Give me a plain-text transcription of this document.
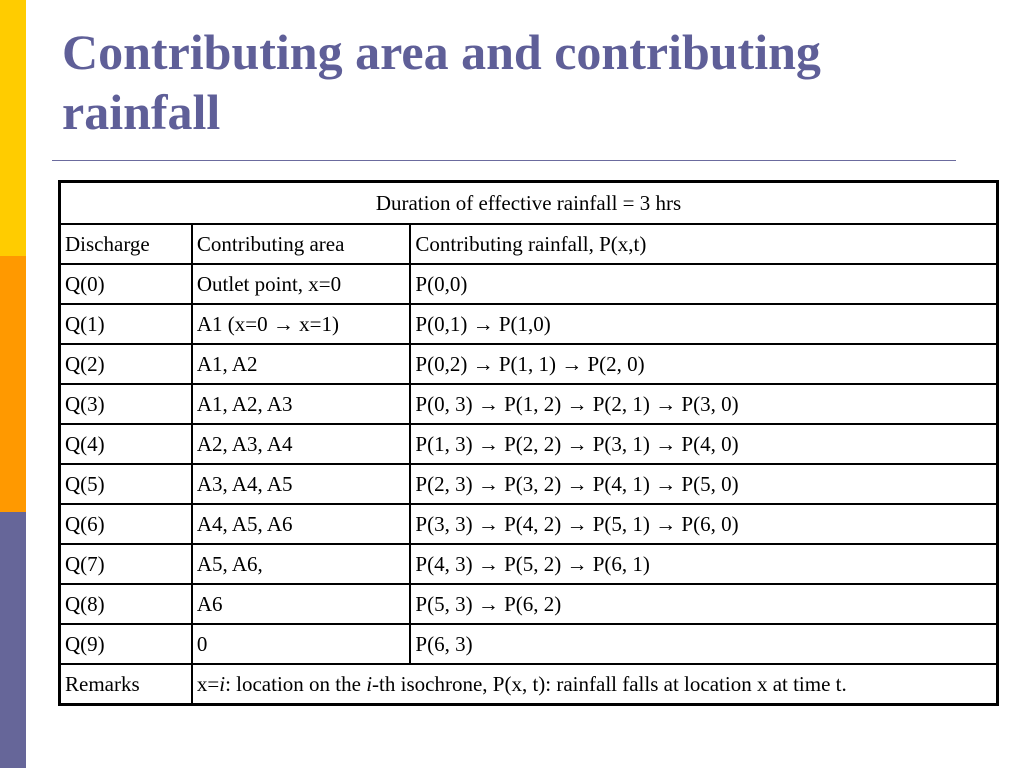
Contributing area and contributing rainfall
Duration of effective rainfall = 3 hrs		
Discharge	Contributing area	Contributing rainfall, P(x,t)
Q(0)	Outlet point, x=0	P(0,0)
Q(1)	A1 (x=0 → x=1)	P(0,1) → P(1,0)
Q(2)	A1, A2	P(0,2) → P(1, 1) → P(2, 0)
Q(3)	A1, A2, A3	P(0, 3) → P(1, 2) → P(2, 1) → P(3, 0)
Q(4)	A2, A3, A4	P(1, 3) → P(2, 2) → P(3, 1) → P(4, 0)
Q(5)	A3, A4, A5	P(2, 3) → P(3, 2) → P(4, 1) → P(5, 0)
Q(6)	A4, A5, A6	P(3, 3) → P(4, 2) → P(5, 1) → P(6, 0)
Q(7)	A5, A6,	P(4, 3) → P(5, 2) → P(6, 1)
Q(8)	A6	P(5, 3) → P(6, 2)
Q(9)	0	P(6, 3)
Remarks	x=i: location on the i-th isochrone, P(x, t): rainfall falls at location x at time t.	
